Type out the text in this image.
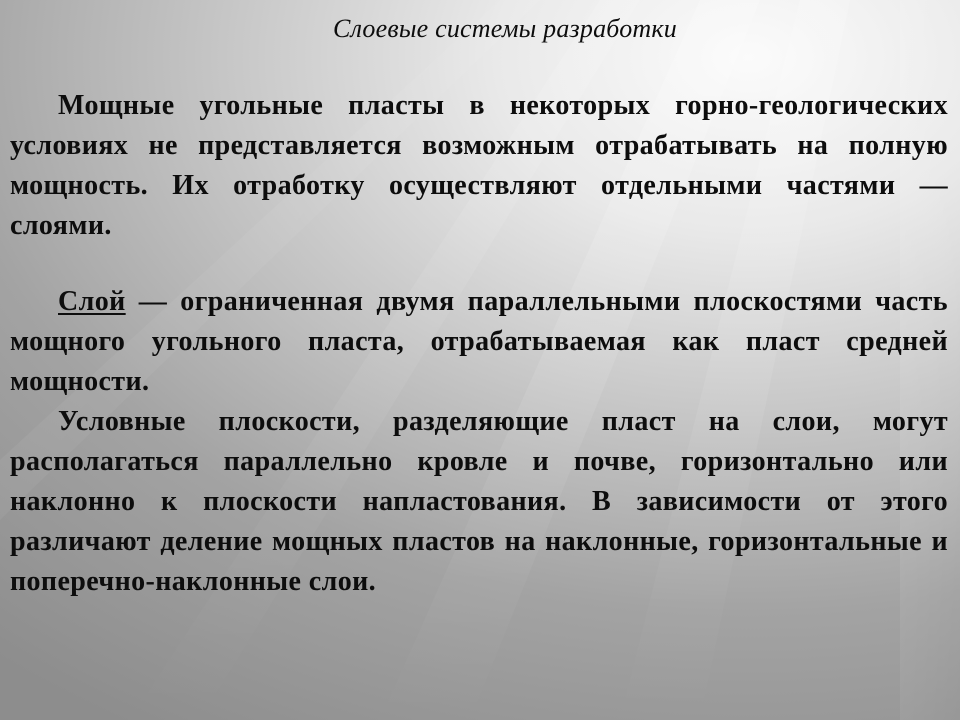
Слоевые системы разработки

Мощные угольные пласты в некоторых горно-геологических условиях не представляется возможным отрабатывать на полную мощность. Их отработку осуществляют отдельными частями — слоями.

Слой — ограниченная двумя параллельными плоскостями часть мощного угольного пласта, отрабатываемая как пласт средней мощности.

Условные плоскости, разделяющие пласт на слои, могут располагаться параллельно кровле и почве, горизонтально или наклонно к плоскости напластования. В зависимости от этого различают деление мощных пластов на наклонные, горизонтальные и поперечно-наклонные слои.
